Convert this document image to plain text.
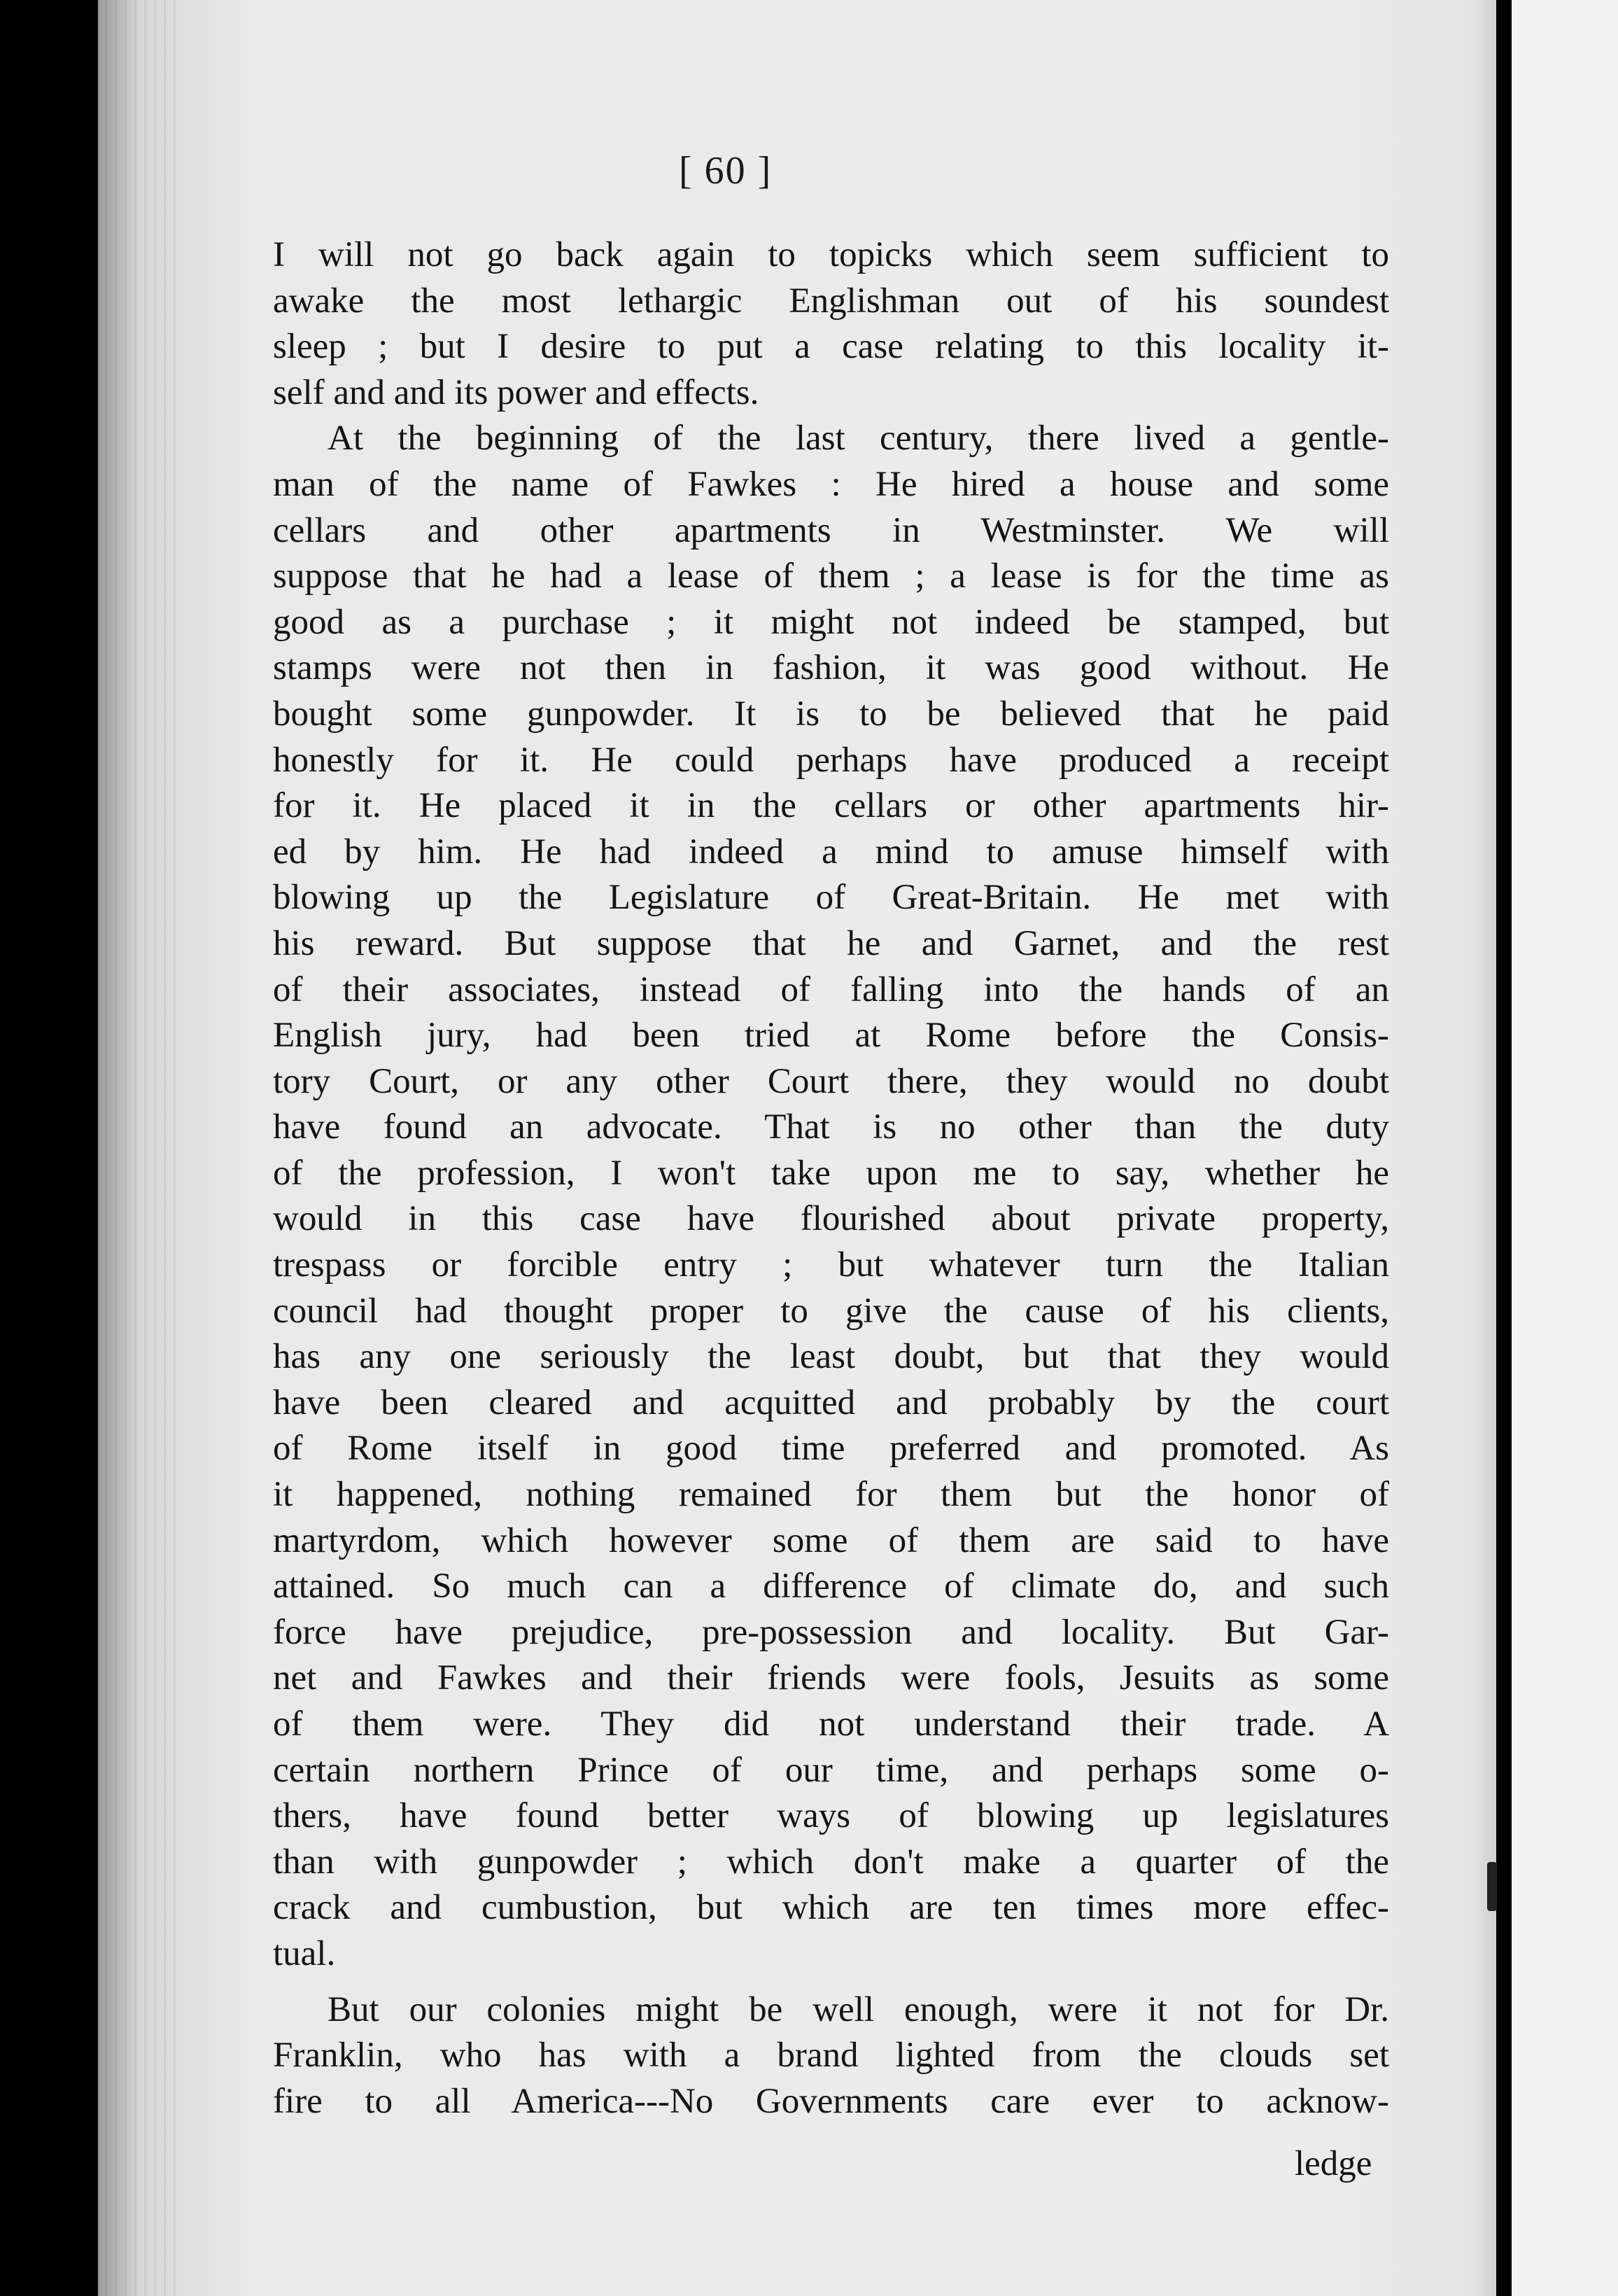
[ 60 ]
I will not go back again to topicks which seem sufficient to
awake the most lethargic Englishman out of his soundest
sleep ; but I desire to put a case relating to this locality it-
self and and its power and effects.
At the beginning of the last century, there lived a gentle-
man of the name of Fawkes : He hired a house and some
cellars and other apartments in Westminster. We will
suppose that he had a lease of them ; a lease is for the time as
good as a purchase ; it might not indeed be stamped, but
stamps were not then in fashion, it was good without. He
bought some gunpowder. It is to be believed that he paid
honestly for it. He could perhaps have produced a receipt
for it. He placed it in the cellars or other apartments hir-
ed by him. He had indeed a mind to amuse himself with
blowing up the Legislature of Great-Britain. He met with
his reward. But suppose that he and Garnet, and the rest
of their associates, instead of falling into the hands of an
English jury, had been tried at Rome before the Consis-
tory Court, or any other Court there, they would no doubt
have found an advocate. That is no other than the duty
of the profession, I won't take upon me to say, whether he
would in this case have flourished about private property,
trespass or forcible entry ; but whatever turn the Italian
council had thought proper to give the cause of his clients,
has any one seriously the least doubt, but that they would
have been cleared and acquitted and probably by the court
of Rome itself in good time preferred and promoted. As
it happened, nothing remained for them but the honor of
martyrdom, which however some of them are said to have
attained. So much can a difference of climate do, and such
force have prejudice, pre-possession and locality. But Gar-
net and Fawkes and their friends were fools, Jesuits as some
of them were. They did not understand their trade. A
certain northern Prince of our time, and perhaps some o-
thers, have found better ways of blowing up legislatures
than with gunpowder ; which don't make a quarter of the
crack and cumbustion, but which are ten times more effec-
tual.
But our colonies might be well enough, were it not for Dr.
Franklin, who has with a brand lighted from the clouds set
fire to all America---No Governments care ever to acknow-
ledge
